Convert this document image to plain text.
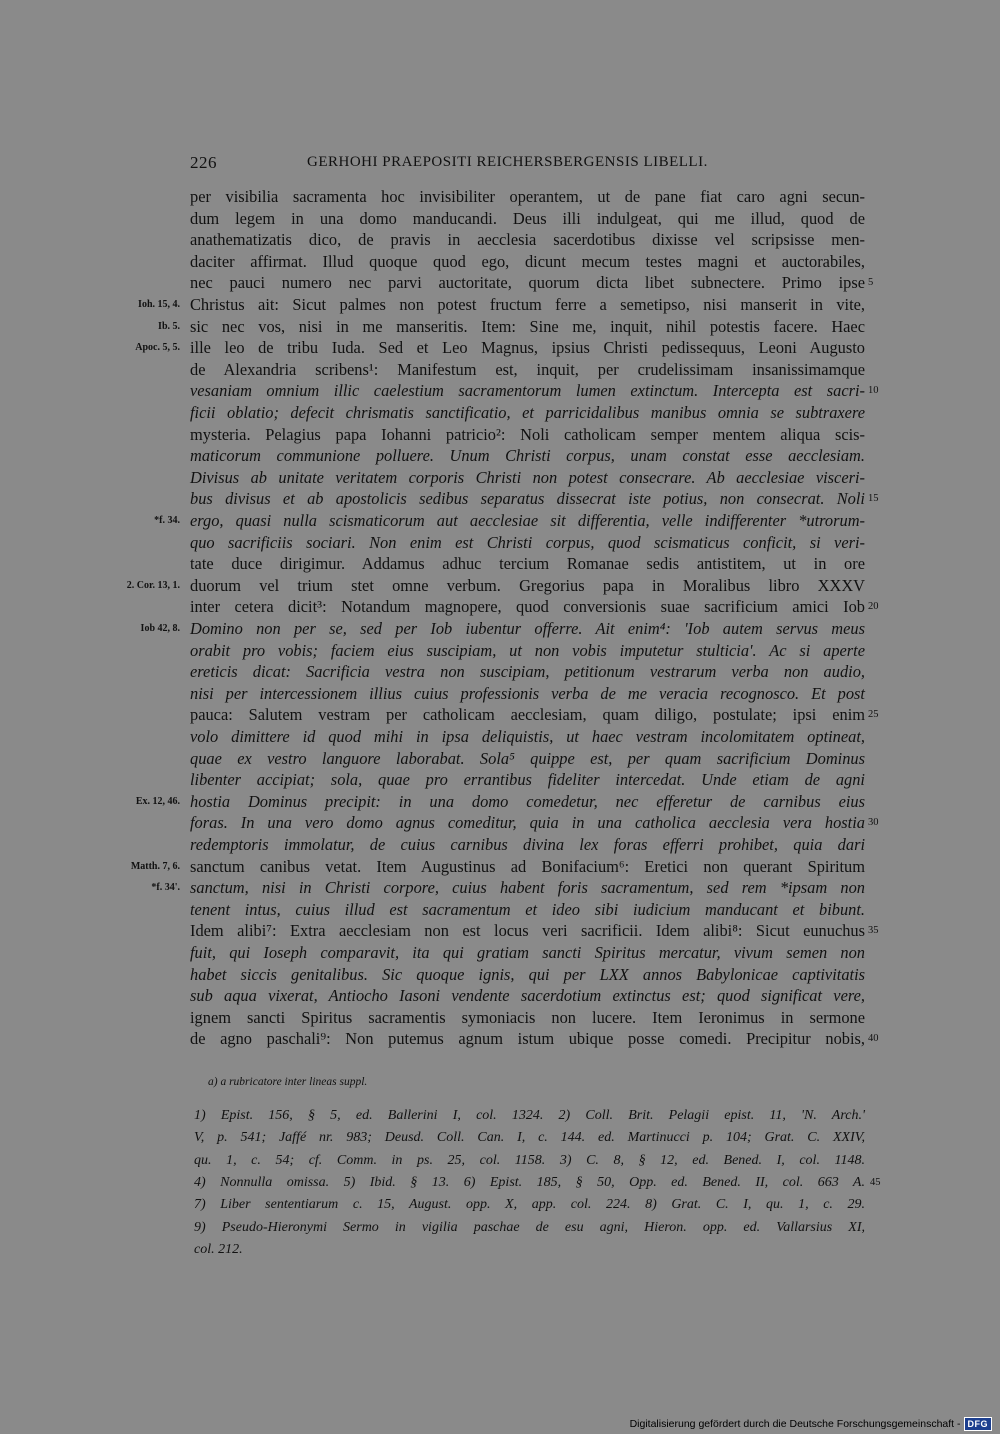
226	GERHOHI PRAEPOSITI REICHERSBERGENSIS LIBELLI.
per visibilia sacramenta hoc invisibiliter operantem, ut de pane fiat caro agni secun-
dum legem in una domo manducandi. Deus illi indulgeat, qui me illud, quod de
anathematizatis dico, de pravis in aecclesia sacerdotibus dixisse vel scripsisse men-
daciter affirmat. Illud quoque quod ego, dicunt mecum testes magni et auctorabiles,
nec pauci numero nec parvi auctoritate, quorum dicta libet subnectere. Primo ipse 5
Christus ait: Sicut palmes non potest fructum ferre a semetipso, nisi manserit in vite,
Ioh. 15, 4.
sic nec vos, nisi in me manseritis. Item: Sine me, inquit, nihil potestis facere. Haec
Ib. 5.
ille leo de tribu Iuda. Sed et Leo Magnus, ipsius Christi pedissequus, Leoni Augusto
Apoc. 5, 5.
de Alexandria scribens¹: Manifestum est, inquit, per crudelissimam insanissimamque
vesaniam omnium illic caelestium sacramentorum lumen extinctum. Intercepta est sacri- 10
ficii oblatio; defecit chrismatis sanctificatio, et parricidalibus manibus omnia se subtraxere
mysteria. Pelagius papa Iohanni patricio²: Noli catholicam semper mentem aliqua scis-
maticorum communione polluere. Unum Christi corpus, unam constat esse aecclesiam.
Divisus ab unitate veritatem corporis Christi non potest consecrare. Ab aecclesiae visceri-
bus divisus et ab apostolicis sedibus separatus dissecrat iste potius, non consecrat. Noli 15
ergo, quasi nulla scismaticorum aut aecclesiae sit differentia, velle indifferenter *utrorum-
*f. 34.
quo sacrificiis sociari. Non enim est Christi corpus, quod scismaticus conficit, si veri-
tate duce dirigimur. Addamus adhuc tercium Romanae sedis antistitem, ut in ore
duorum vel trium stet omne verbum. Gregorius papa in Moralibus libro XXXV
2. Cor. 13, 1.
inter cetera dicit³: Notandum magnopere, quod conversionis suae sacrificium amici Iob 20
Domino non per se, sed per Iob iubentur offerre. Ait enim⁴: 'Iob autem servus meus
Iob 42, 8.
orabit pro vobis; faciem eius suscipiam, ut non vobis imputetur stulticia'. Ac si aperte
ereticis dicat: Sacrificia vestra non suscipiam, petitionum vestrarum verba non audio,
nisi per intercessionem illius cuius professionis verba de me veracia recognosco. Et post
pauca: Salutem vestram per catholicam aecclesiam, quam diligo, postulate; ipsi enim 25
volo dimittere id quod mihi in ipsa deliquistis, ut haec vestram incolomitatem optineat,
quae ex vestro languore laborabat. Sola⁵ quippe est, per quam sacrificium Dominus
libenter accipiat; sola, quae pro errantibus fideliter intercedat. Unde etiam de agni
hostia Dominus precipit: in una domo comedetur, nec efferetur de carnibus eius
Ex. 12, 46.
foras. In una vero domo agnus comeditur, quia in una catholica aecclesia vera hostia 30
redemptoris immolatur, de cuius carnibus divina lex foras efferri prohibet, quia dari
sanctum canibus vetat. Item Augustinus ad Bonifacium⁶: Eretici non querant Spiritum
Matth. 7, 6.
sanctum, nisi in Christi corpore, cuius habent foris sacramentum, sed rem *ipsam non
*f. 34'.
tenent intus, cuius illud est sacramentum et ideo sibi iudicium manducant et bibunt.
Idem alibi⁷: Extra aecclesiam non est locus veri sacrificii. Idem alibi⁸: Sicut eunuchus 35
fuit, qui Ioseph comparavit, ita qui gratiam sancti Spiritus mercatur, vivum semen non
habet siccis genitalibus. Sic quoque ignis, qui per LXX annos Babylonicae captivitatis
sub aqua vixerat, Antiocho Iasoni vendente sacerdotium extinctus est; quod significat vere,
ignem sancti Spiritus sacramentis symoniacis non lucere. Item Ieronimus in sermone
de agno paschali⁹: Non putemus agnum istum ubique posse comedi. Precipitur nobis, 40
a) a rubricatore inter lineas suppl.
1) Epist. 156, § 5, ed. Ballerini I, col. 1324. 2) Coll. Brit. Pelagii epist. 11, 'N. Arch.'
V, p. 541; Jaffé nr. 983; Deusd. Coll. Can. I, c. 144. ed. Martinucci p. 104; Grat. C. XXIV,
qu. 1, c. 54; cf. Comm. in ps. 25, col. 1158. 3) C. 8, § 12, ed. Bened. I, col. 1148.
4) Nonnulla omissa. 5) Ibid. § 13. 6) Epist. 185, § 50, Opp. ed. Bened. II, col. 663 A. 45
7) Liber sententiarum c. 15, August. opp. X, app. col. 224. 8) Grat. C. I, qu. 1, c. 29.
9) Pseudo-Hieronymi Sermo in vigilia paschae de esu agni, Hieron. opp. ed. Vallarsius XI,
col. 212.
Digitalisierung gefördert durch die Deutsche Forschungsgemeinschaft - DFG
